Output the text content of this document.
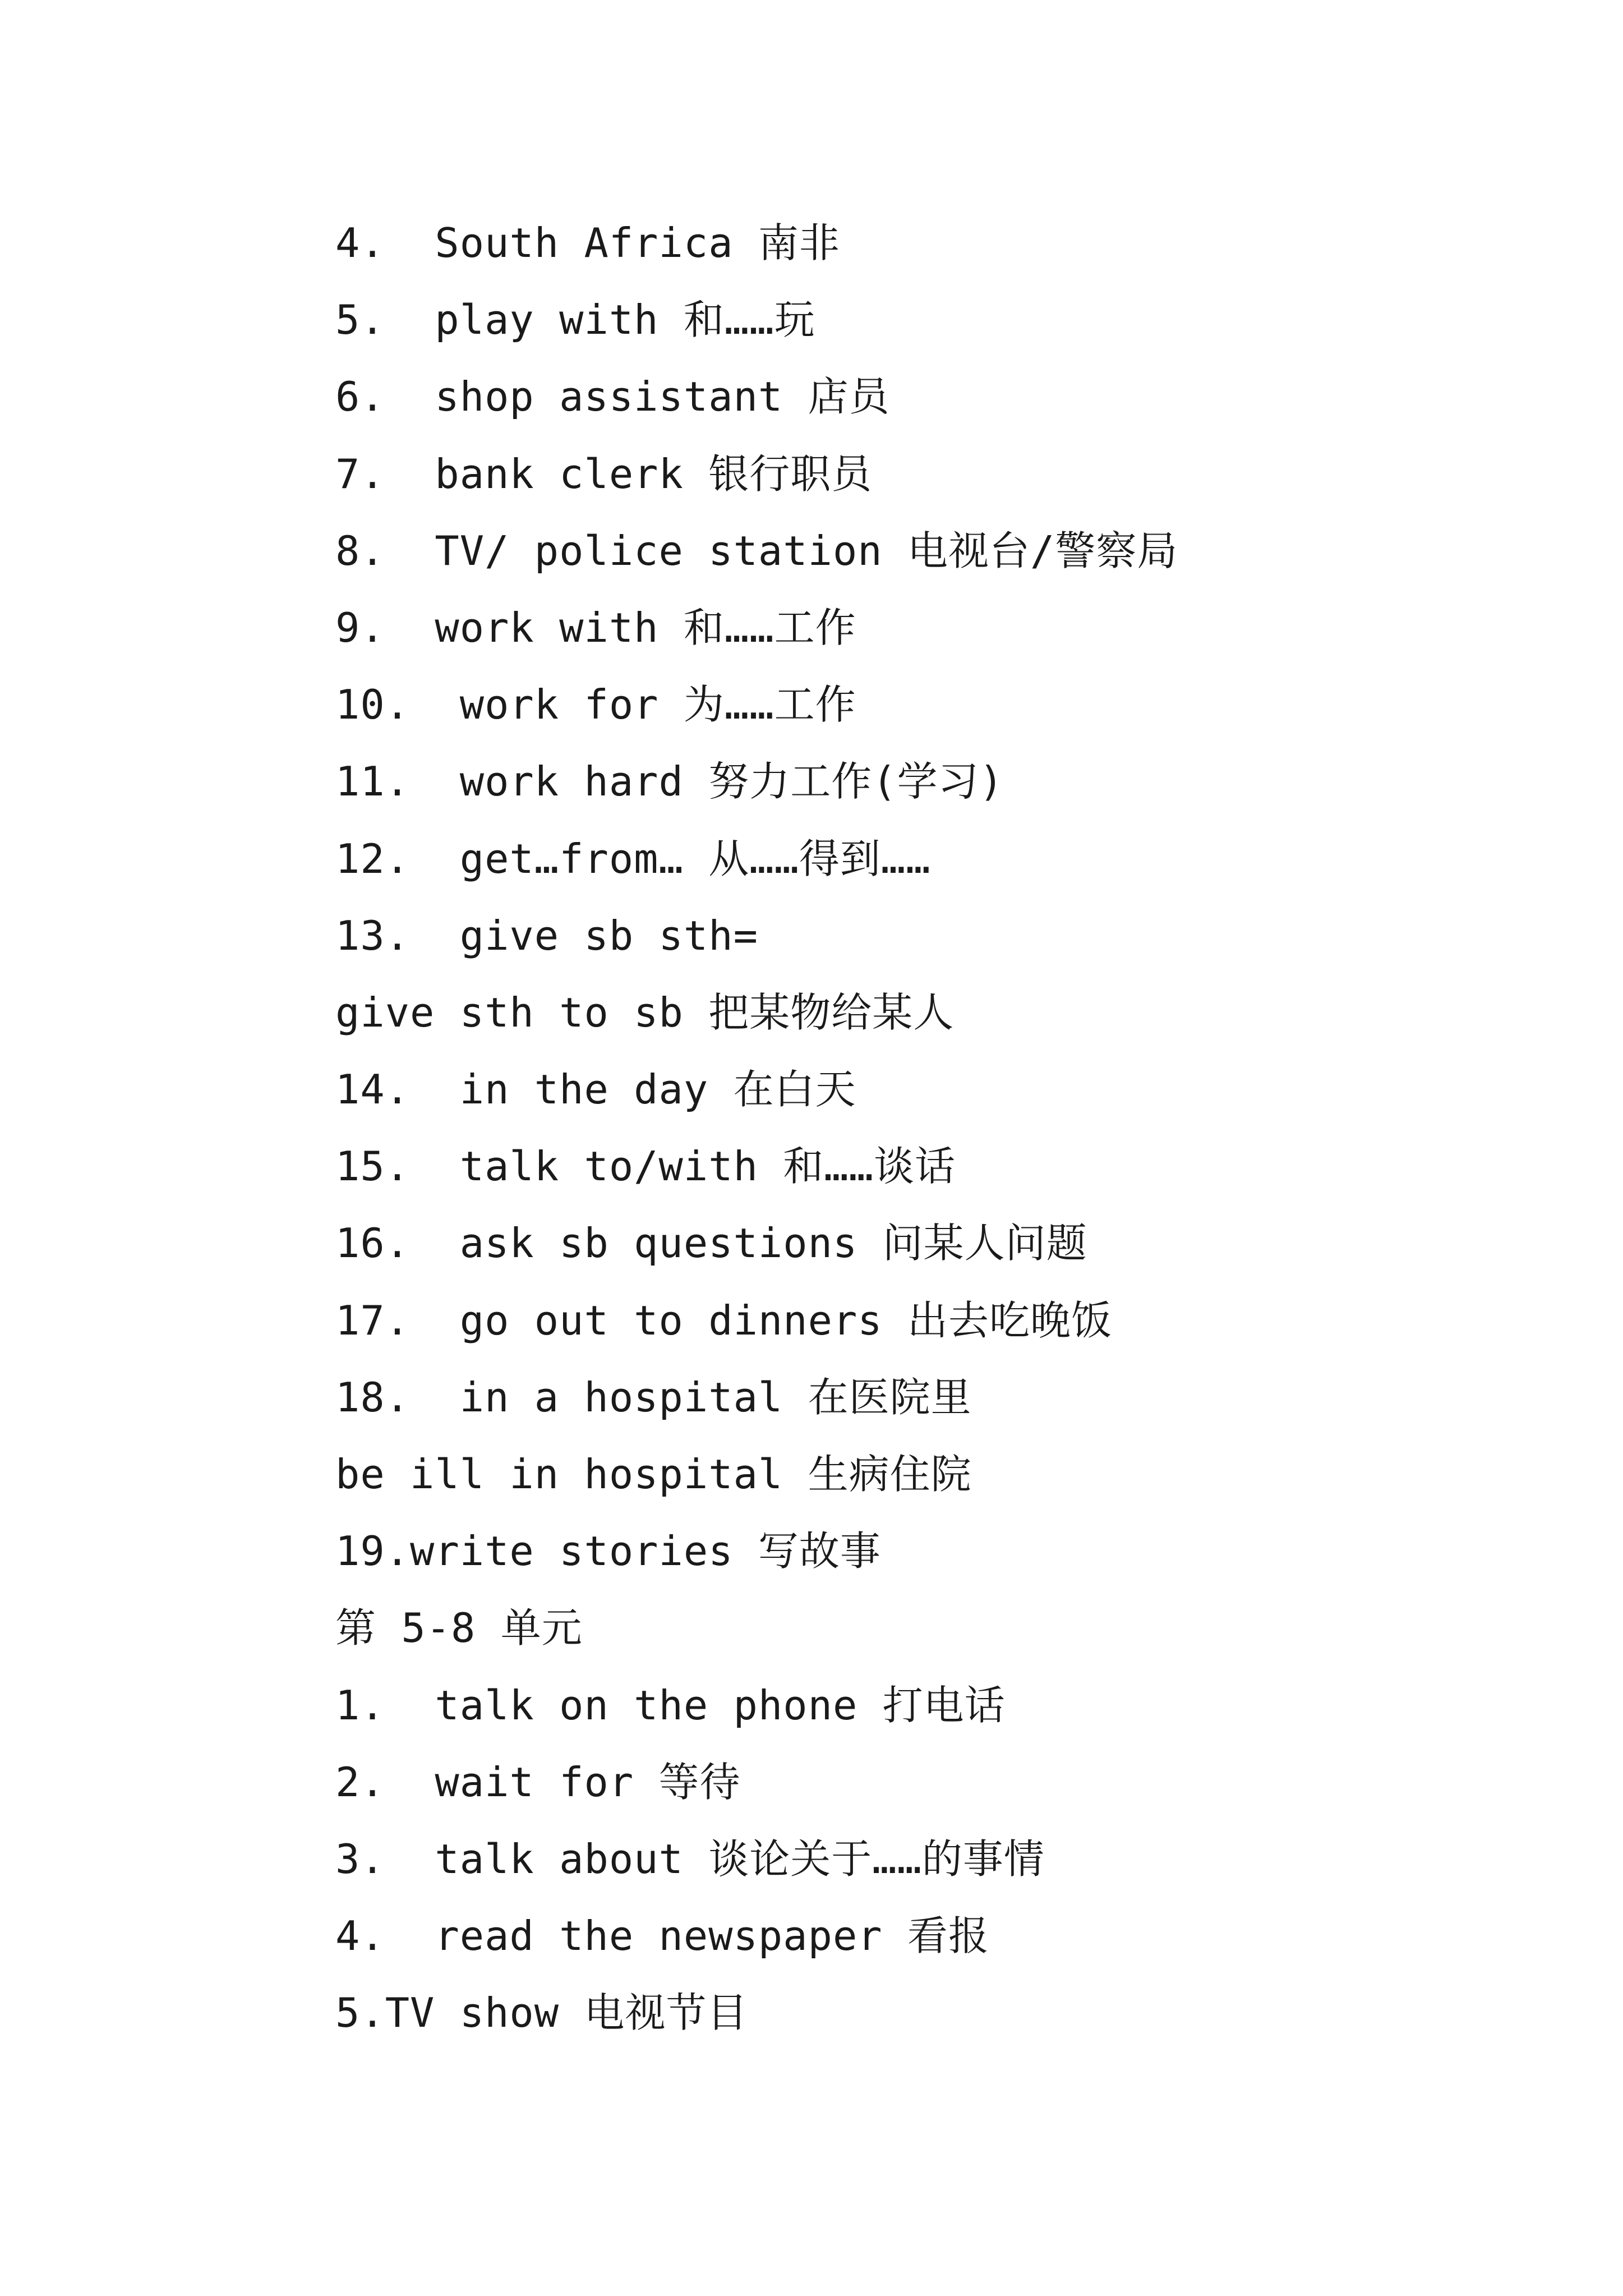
4.  South Africa 南非
5.  play with 和……玩
6.  shop assistant 店员
7.  bank clerk 银行职员
8.  TV/ police station 电视台/警察局
9.  work with 和……工作
10.  work for 为……工作
11.  work hard 努力工作(学习)
12.  get…from… 从……得到……
13.  give sb sth=
give sth to sb 把某物给某人
14.  in the day 在白天
15.  talk to/with 和……谈话
16.  ask sb questions 问某人问题
17.  go out to dinners 出去吃晚饭
18.  in a hospital 在医院里
be ill in hospital 生病住院
19.write stories 写故事
第 5-8 单元
1.  talk on the phone 打电话
2.  wait for 等待
3.  talk about 谈论关于……的事情
4.  read the newspaper 看报
5.TV show 电视节目
